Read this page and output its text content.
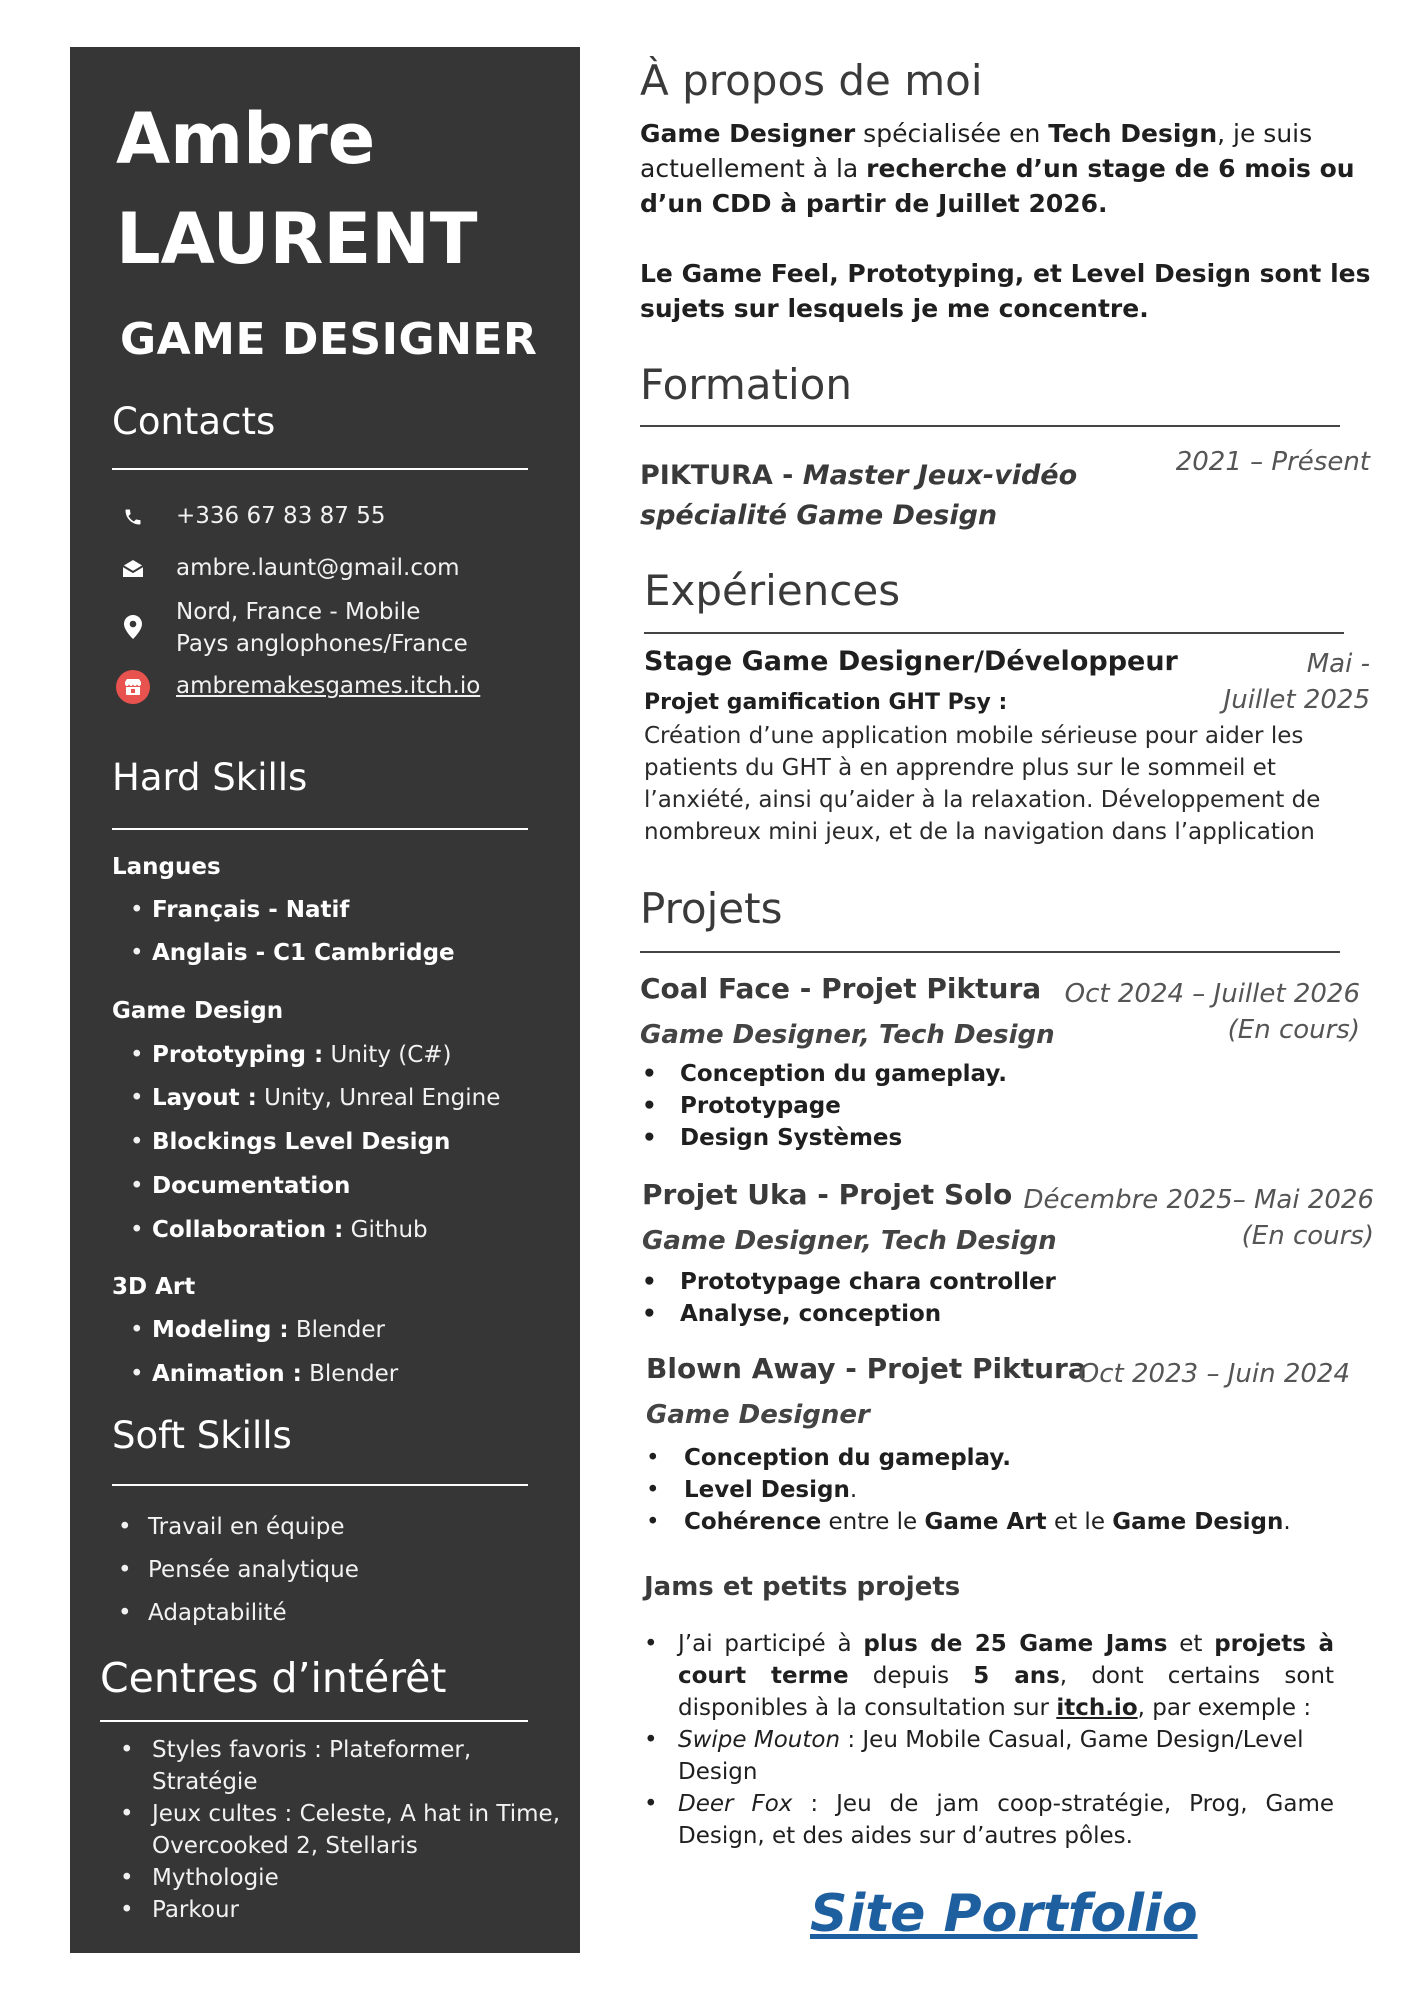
Ambre
LAURENT
GAME DESIGNER
Contacts
+336 67 83 87 55
ambre.launt@gmail.com
Nord, France - Mobile
Pays anglophones/France
ambremakesgames.itch.io
Hard Skills
Langues
• Français - Natif
• Anglais - C1 Cambridge
Game Design
• Prototyping : Unity (C#)
• Layout : Unity, Unreal Engine
• Blockings Level Design
• Documentation
• Collaboration : Github
3D Art
• Modeling : Blender
• Animation : Blender
Soft Skills
• Travail en équipe
• Pensée analytique
• Adaptabilité
Centres d’intérêt
• Styles favoris : Plateformer, Stratégie
• Jeux cultes : Celeste, A hat in Time, Overcooked 2, Stellaris
• Mythologie
• Parkour
À propos de moi
Game Designer spécialisée en Tech Design, je suis actuellement à la recherche d’un stage de 6 mois ou d’un CDD à partir de Juillet 2026.
Le Game Feel, Prototyping, et Level Design sont les sujets sur lesquels je me concentre.
Formation
2021 – Présent
PIKTURA - Master Jeux-vidéo spécialité Game Design
Expériences
Stage Game Designer/Développeur	Mai -
Juillet 2025
Projet gamification GHT Psy :
Création d’une application mobile sérieuse pour aider les patients du GHT à en apprendre plus sur le sommeil et l’anxiété, ainsi qu’aider à la relaxation. Développement de nombreux mini jeux, et de la navigation dans l’application
Projets
Coal Face - Projet Piktura Oct 2024 – Juillet 2026
(En cours)
Game Designer, Tech Design
•	Conception du gameplay.
•	Prototypage
•	Design Systèmes
Projet Uka - Projet Solo Décembre 2025– Mai 2026
(En cours)
Game Designer, Tech Design
•	Prototypage chara controller
•	Analyse, conception
Blown Away - Projet Piktura
Oct 2023 – Juin 2024
Game Designer
•	Conception du gameplay.
•	Level Design.
•	Cohérence entre le Game Art et le Game Design.
Jams et petits projets
• J’ai participé à plus de 25 Game Jams et projets à court terme depuis 5 ans, dont certains sont disponibles à la consultation sur itch.io, par exemple :
• Swipe Mouton : Jeu Mobile Casual, Game Design/Level Design
• Deer Fox : Jeu de jam coop-stratégie, Prog, Game Design, et des aides sur d’autres pôles.
Site Portfolio
